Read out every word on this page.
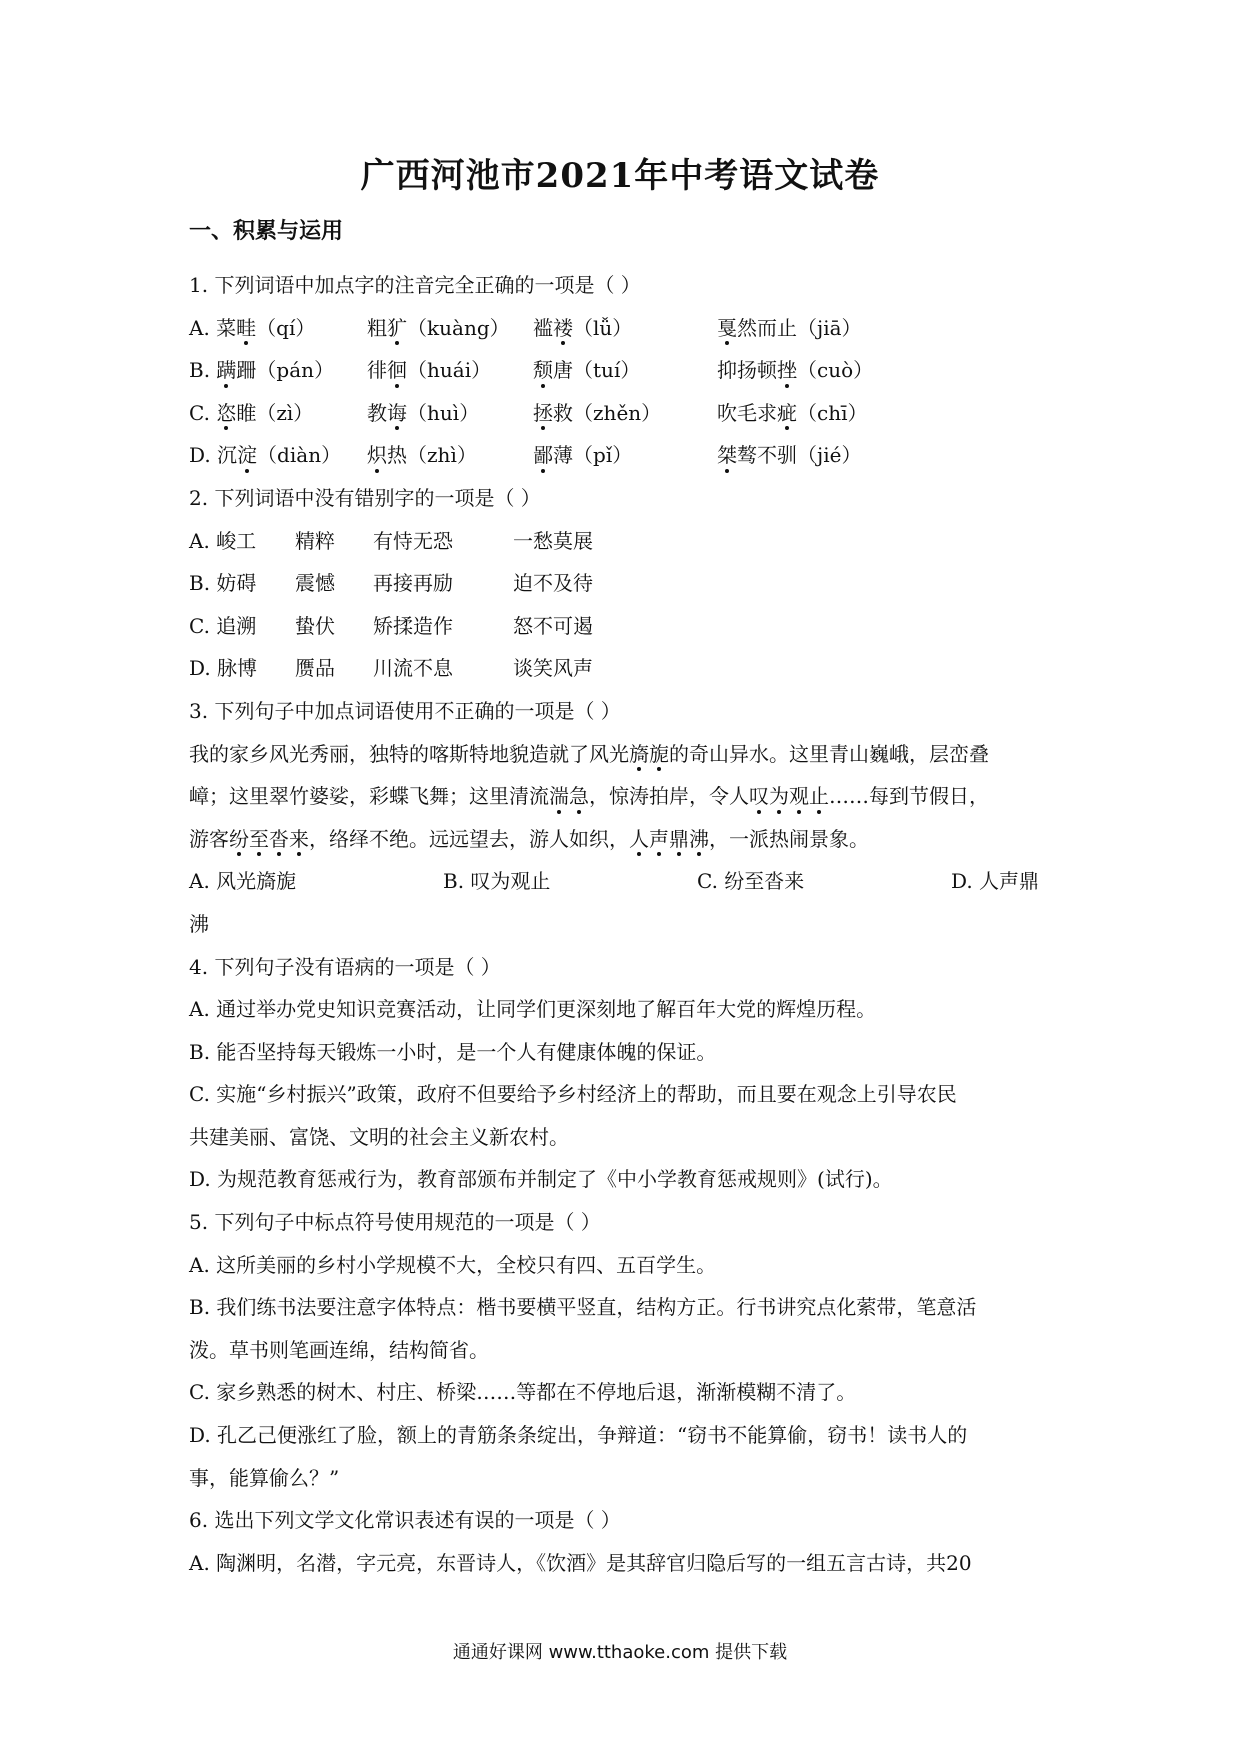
广西河池市2021年中考语文试卷
一、积累与运用
1. 下列词语中加点字的注音完全正确的一项是（ ）
A. 菜畦（qí）	粗犷（kuàng）	褴褛（lǚ）	戛然而止（jiā）
B. 蹒跚（pán）	徘徊（huái）	颓唐（tuí）	抑扬顿挫（cuò）
C. 恣睢（zì）	教诲（huì）	拯救（zhěn）	吹毛求疵（chī）
D. 沉淀（diàn）	炽热（zhì）	鄙薄（pǐ）	桀骜不驯（jié）
2. 下列词语中没有错别字的一项是（ ）
A. 峻工	精粹	有恃无恐	一愁莫展
B. 妨碍	震憾	再接再励	迫不及待
C. 追溯	蛰伏	矫揉造作	怒不可遏
D. 脉博	赝品	川流不息	谈笑风声
3. 下列句子中加点词语使用不正确的一项是（ ）
我的家乡风光秀丽，独特的喀斯特地貌造就了风光旖旎的奇山异水。这里青山巍峨，层峦叠
嶂；这里翠竹婆娑，彩蝶飞舞；这里清流湍急，惊涛拍岸，令人叹为观止……每到节假日，
游客纷至沓来，络绎不绝。远远望去，游人如织，人声鼎沸，一派热闹景象。
A. 风光旖旎	B. 叹为观止	C. 纷至沓来	D. 人声鼎
沸
4. 下列句子没有语病的一项是（ ）
A. 通过举办党史知识竞赛活动，让同学们更深刻地了解百年大党的辉煌历程。
B. 能否坚持每天锻炼一小时，是一个人有健康体魄的保证。
C. 实施“乡村振兴”政策，政府不但要给予乡村经济上的帮助，而且要在观念上引导农民
共建美丽、富饶、文明的社会主义新农村。
D. 为规范教育惩戒行为，教育部颁布并制定了《中小学教育惩戒规则》(试行)。
5. 下列句子中标点符号使用规范的一项是（ ）
A. 这所美丽的乡村小学规模不大，全校只有四、五百学生。
B. 我们练书法要注意字体特点：楷书要横平竖直，结构方正。行书讲究点化萦带，笔意活
泼。草书则笔画连绵，结构简省。
C. 家乡熟悉的树木、村庄、桥梁……等都在不停地后退，渐渐模糊不清了。
D. 孔乙己便涨红了脸，额上的青筋条条绽出，争辩道：“窃书不能算偷，窃书！读书人的
事，能算偷么？”
6. 选出下列文学文化常识表述有误的一项是（ ）
A. 陶渊明，名潜，字元亮，东晋诗人，《饮酒》是其辞官归隐后写的一组五言古诗，共20
通通好课网 www.tthaoke.com 提供下载
